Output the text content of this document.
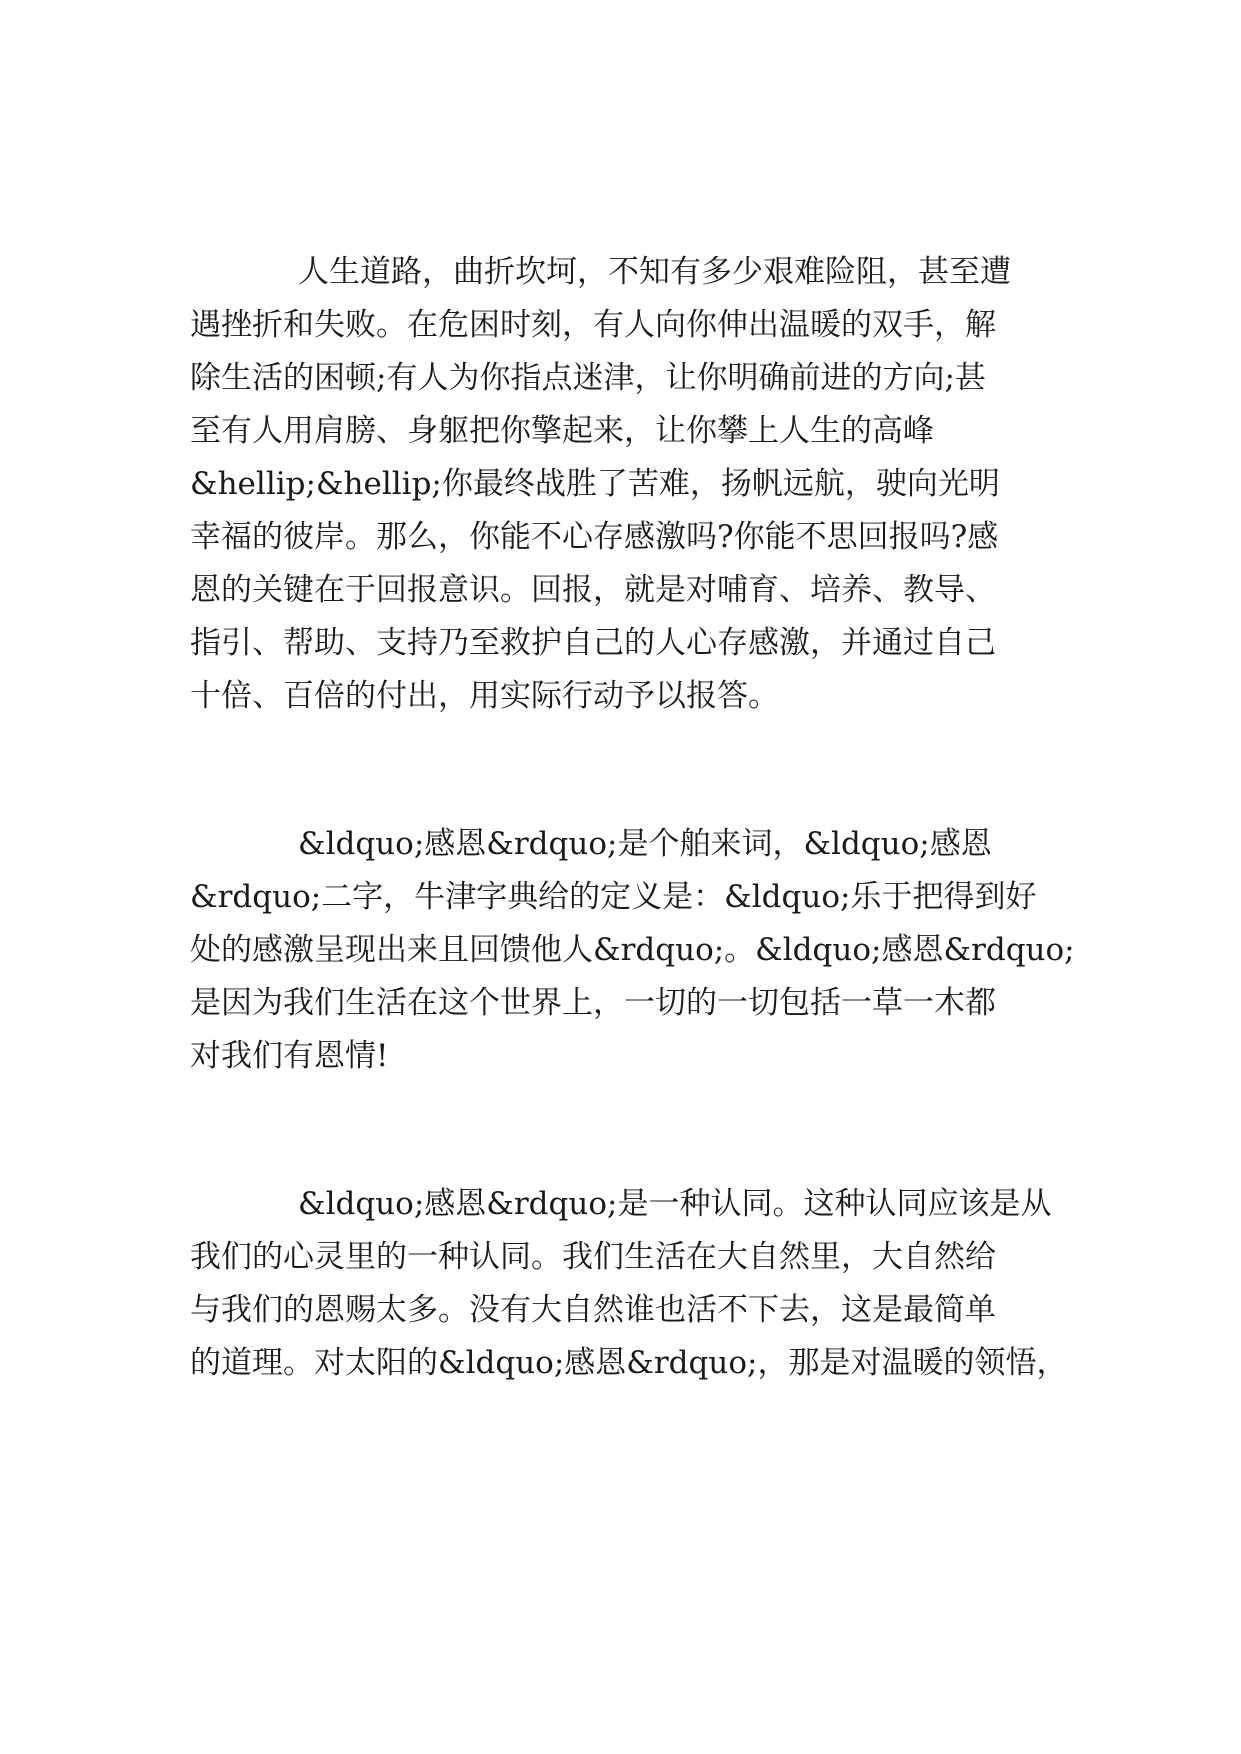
人生道路，曲折坎坷，不知有多少艰难险阻，甚至遭
遇挫折和失败。在危困时刻，有人向你伸出温暖的双手，解
除生活的困顿;有人为你指点迷津，让你明确前进的方向;甚
至有人用肩膀、身躯把你擎起来，让你攀上人生的高峰
&hellip;&hellip;你最终战胜了苦难，扬帆远航，驶向光明
幸福的彼岸。那么，你能不心存感激吗?你能不思回报吗?感
恩的关键在于回报意识。回报，就是对哺育、培养、教导、
指引、帮助、支持乃至救护自己的人心存感激，并通过自己
十倍、百倍的付出，用实际行动予以报答。
&ldquo;感恩&rdquo;是个舶来词，&ldquo;感恩
&rdquo;二字，牛津字典给的定义是：&ldquo;乐于把得到好
处的感激呈现出来且回馈他人&rdquo;。&ldquo;感恩&rdquo;
是因为我们生活在这个世界上，一切的一切包括一草一木都
对我们有恩情!
&ldquo;感恩&rdquo;是一种认同。这种认同应该是从
我们的心灵里的一种认同。我们生活在大自然里，大自然给
与我们的恩赐太多。没有大自然谁也活不下去，这是最简单
的道理。对太阳的&ldquo;感恩&rdquo;，那是对温暖的领悟，
